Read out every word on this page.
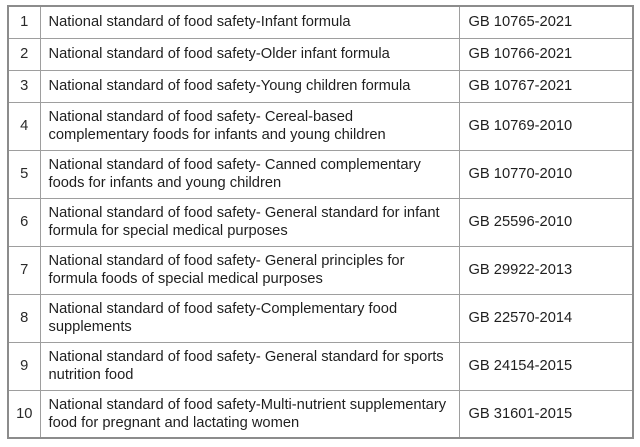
1	National standard of food safety-Infant formula	GB 10765-2021
2	National standard of food safety-Older infant formula	GB 10766-2021
3	National standard of food safety-Young children formula	GB 10767-2021
4	National standard of food safety- Cereal-based complementary foods for infants and young children	GB 10769-2010
5	National standard of food safety- Canned complementary foods for infants and young children	GB 10770-2010
6	National standard of food safety- General standard for infant formula for special medical purposes	GB 25596-2010
7	National standard of food safety- General principles for formula foods of special medical purposes	GB 29922-2013
8	National standard of food safety-Complementary food supplements	GB 22570-2014
9	National standard of food safety- General standard for sports nutrition food	GB 24154-2015
10	National standard of food safety-Multi-nutrient supplementary food for pregnant and lactating women	GB 31601-2015
